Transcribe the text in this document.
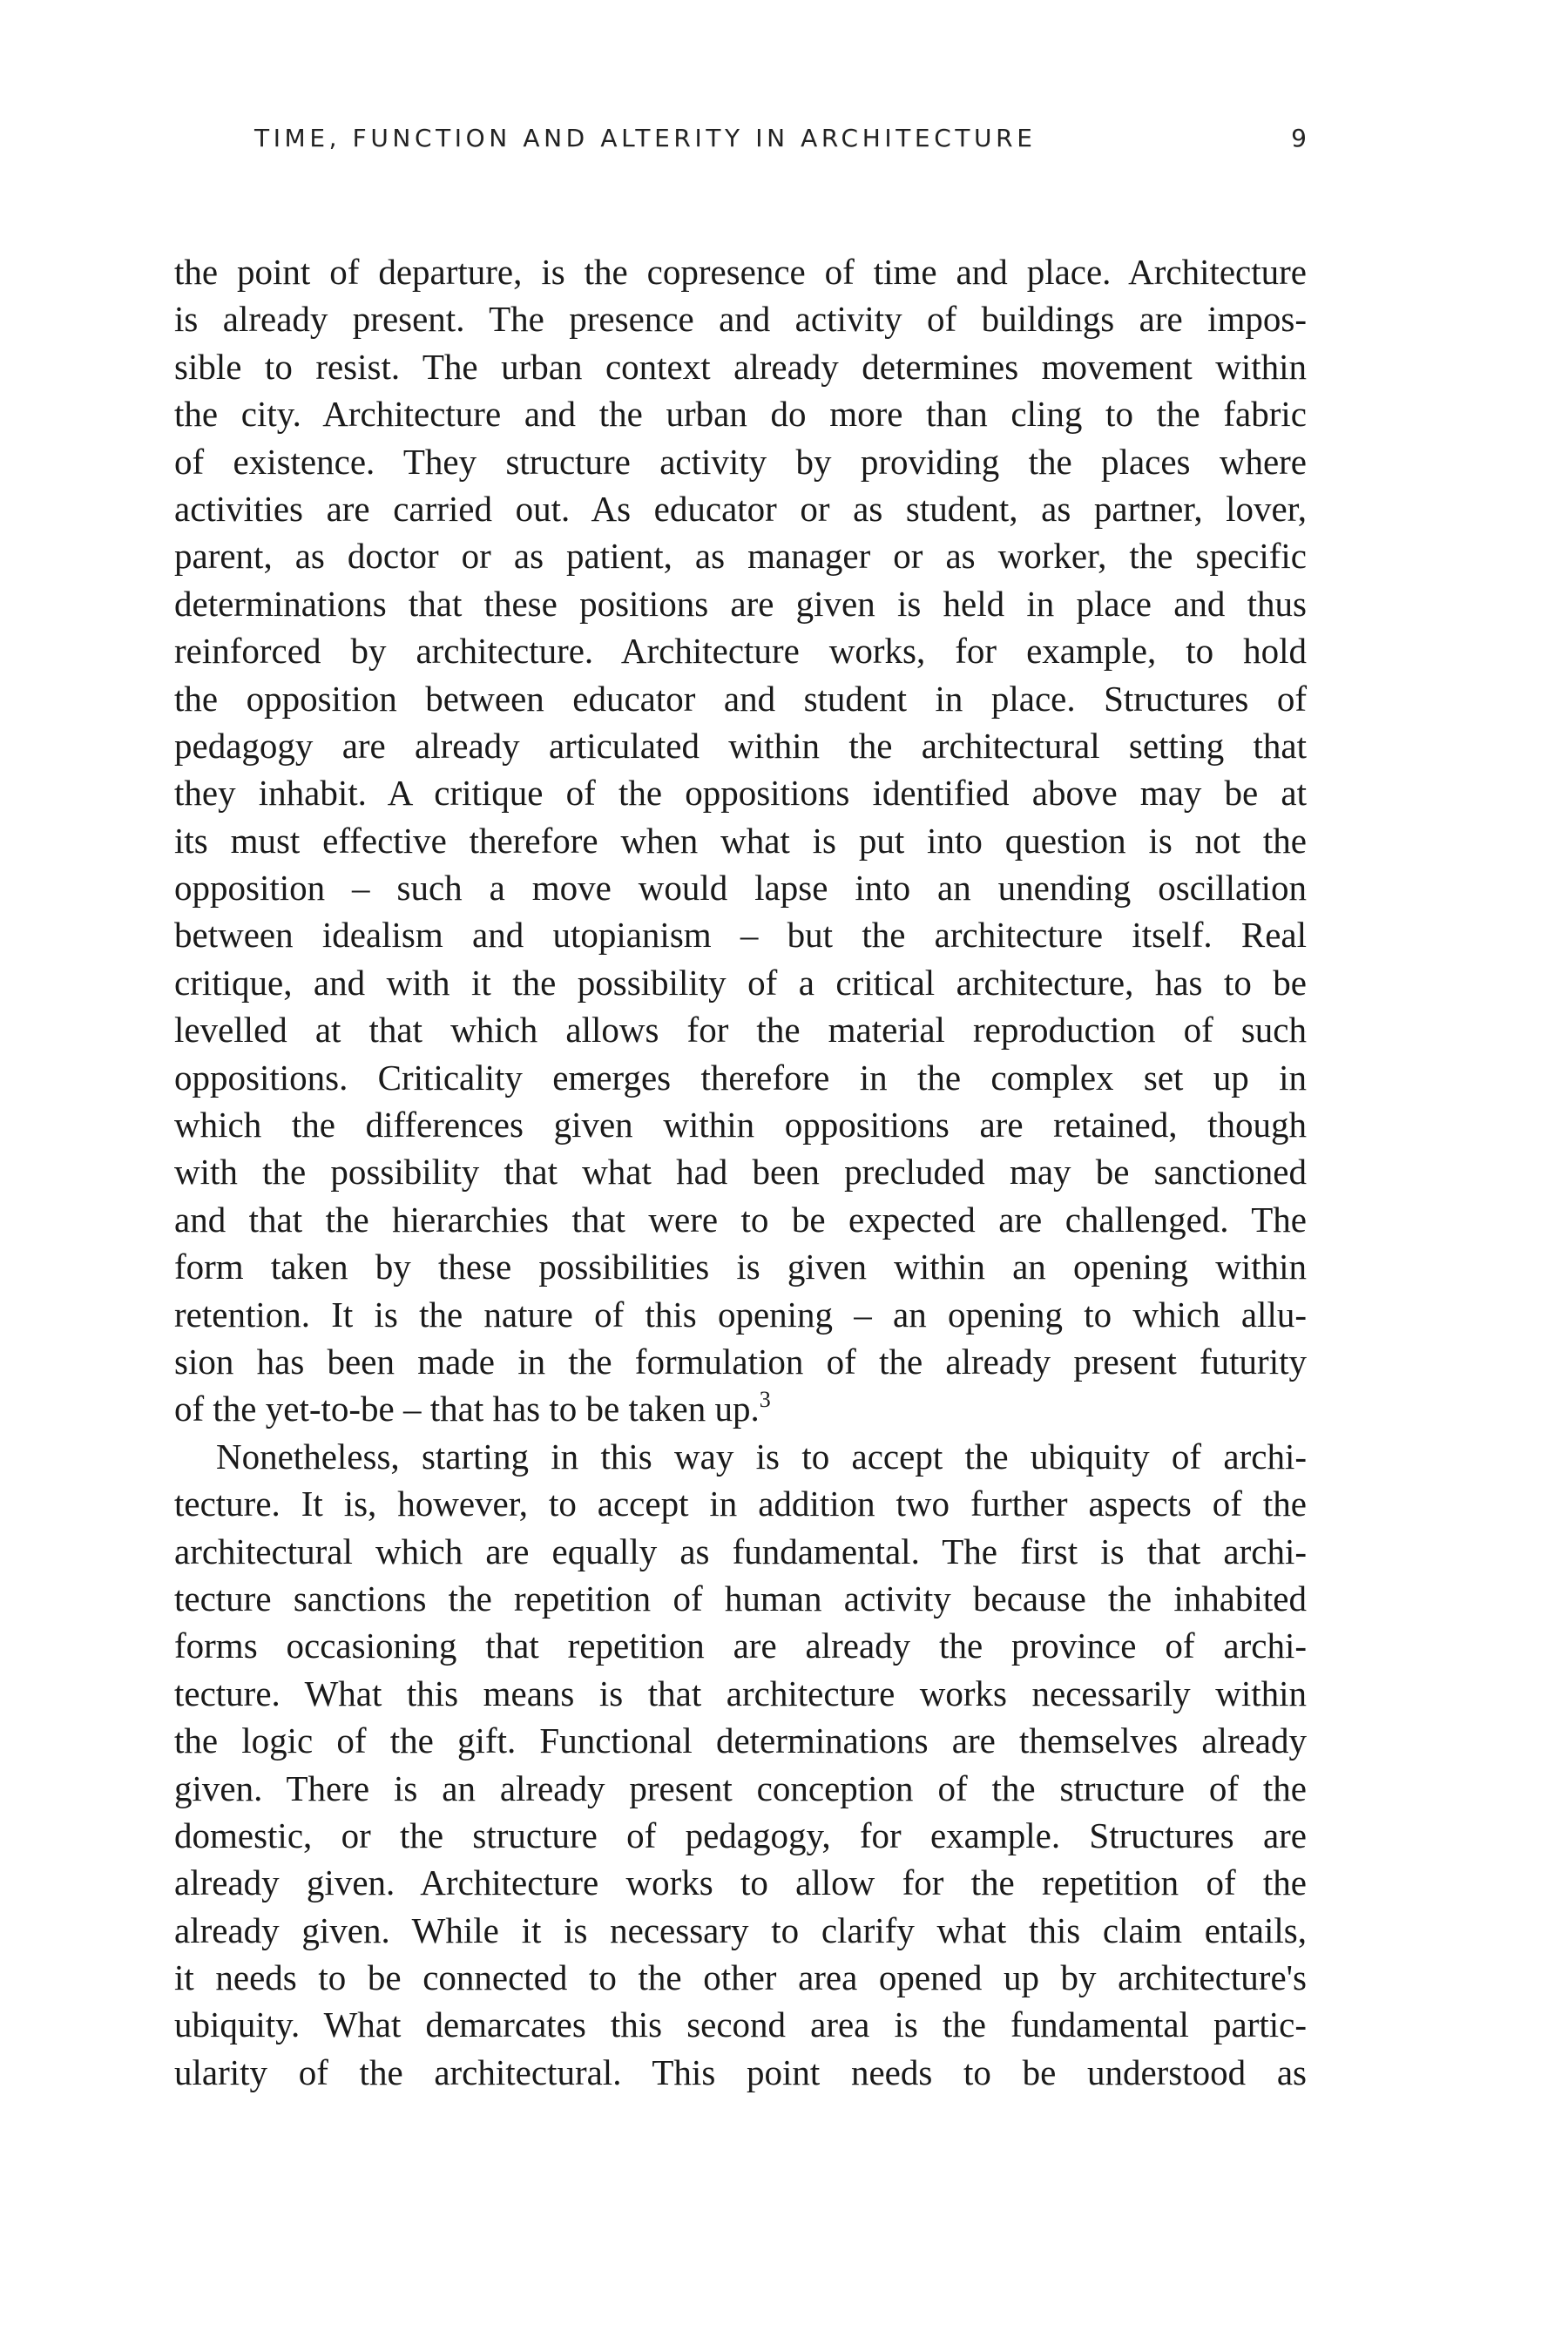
TIME, FUNCTION AND ALTERITY IN ARCHITECTURE	9
the point of departure, is the copresence of time and place. Architecture
is already present. The presence and activity of buildings are impos-
sible to resist. The urban context already determines movement within
the city. Architecture and the urban do more than cling to the fabric
of existence. They structure activity by providing the places where
activities are carried out. As educator or as student, as partner, lover,
parent, as doctor or as patient, as manager or as worker, the specific
determinations that these positions are given is held in place and thus
reinforced by architecture. Architecture works, for example, to hold
the opposition between educator and student in place. Structures of
pedagogy are already articulated within the architectural setting that
they inhabit. A critique of the oppositions identified above may be at
its must effective therefore when what is put into question is not the
opposition – such a move would lapse into an unending oscillation
between idealism and utopianism – but the architecture itself. Real
critique, and with it the possibility of a critical architecture, has to be
levelled at that which allows for the material reproduction of such
oppositions. Criticality emerges therefore in the complex set up in
which the differences given within oppositions are retained, though
with the possibility that what had been precluded may be sanctioned
and that the hierarchies that were to be expected are challenged. The
form taken by these possibilities is given within an opening within
retention. It is the nature of this opening – an opening to which allu-
sion has been made in the formulation of the already present futurity
of the yet-to-be – that has to be taken up.$^3$
Nonetheless, starting in this way is to accept the ubiquity of archi-
tecture. It is, however, to accept in addition two further aspects of the
architectural which are equally as fundamental. The first is that archi-
tecture sanctions the repetition of human activity because the inhabited
forms occasioning that repetition are already the province of archi-
tecture. What this means is that architecture works necessarily within
the logic of the gift. Functional determinations are themselves already
given. There is an already present conception of the structure of the
domestic, or the structure of pedagogy, for example. Structures are
already given. Architecture works to allow for the repetition of the
already given. While it is necessary to clarify what this claim entails,
it needs to be connected to the other area opened up by architecture's
ubiquity. What demarcates this second area is the fundamental partic-
ularity of the architectural. This point needs to be understood as
